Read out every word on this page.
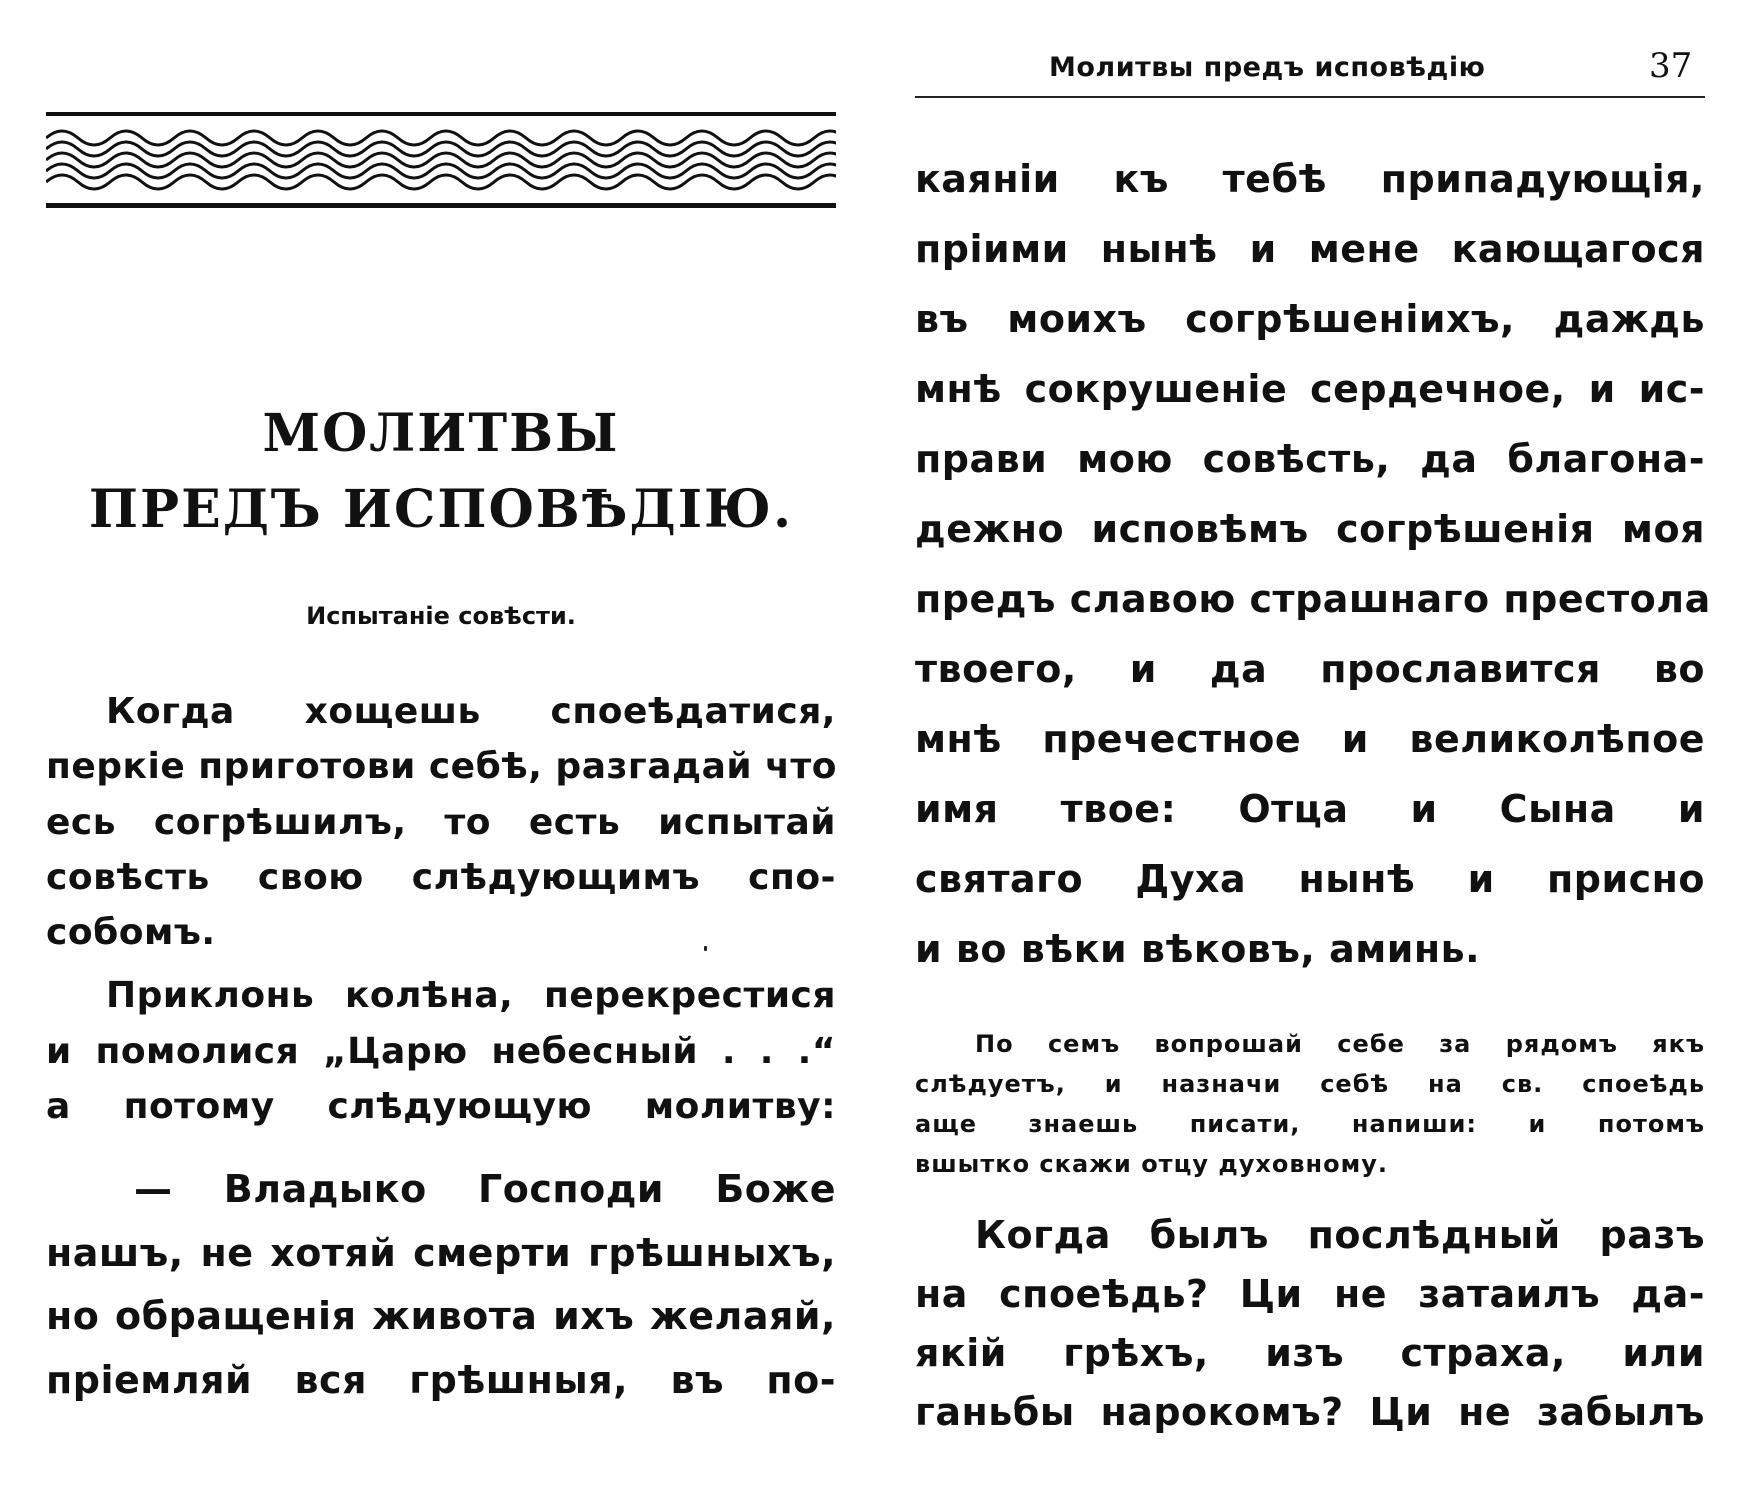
МОЛИТВЫ
ПРЕДЪ ИСПОВѢДІЮ.
Испытаніе совѣсти.

Когда хощешь споеѣдатися,

перкіе приготови себѣ, разгадай что

есь согрѣшилъ, то есть испытай

совѣсть свою слѣдующимъ спо-

собомъ.

Приклонь колѣна, перекрестися

и помолися „Царю небесный . . .“

а потому слѣдующую молитву:

— Владыко Господи Боже

нашъ, не хотяй смерти грѣшныхъ,

но обращенія живота ихъ желаяй,

пріемляй вся грѣшныя, въ по-

Молитвы предъ исповѣдію	37

каяніи къ тебѣ припадующія,

пріими нынѣ и мене кающагося

въ моихъ согрѣшеніихъ, даждь

мнѣ сокрушеніе сердечное, и ис-

прави мою совѣсть, да благона-

дежно исповѣмъ согрѣшенія моя

предъ славою страшнаго престола

твоего, и да прославится во

мнѣ пречестное и великолѣпое

имя твое: Отца и Сына и

святаго Духа нынѣ и присно

и во вѣки вѣковъ, аминь.

По семъ вопрошай себе за рядомъ якъ

слѣдуетъ, и назначи себѣ на св. споеѣдь

аще знаешь писати, напиши: и потомъ

вшытко скажи отцу духовному.

Когда былъ послѣдный разъ

на споеѣдь? Ци не затаилъ да-

якій грѣхъ, изъ страха, или

ганьбы нарокомъ? Ци не забылъ
